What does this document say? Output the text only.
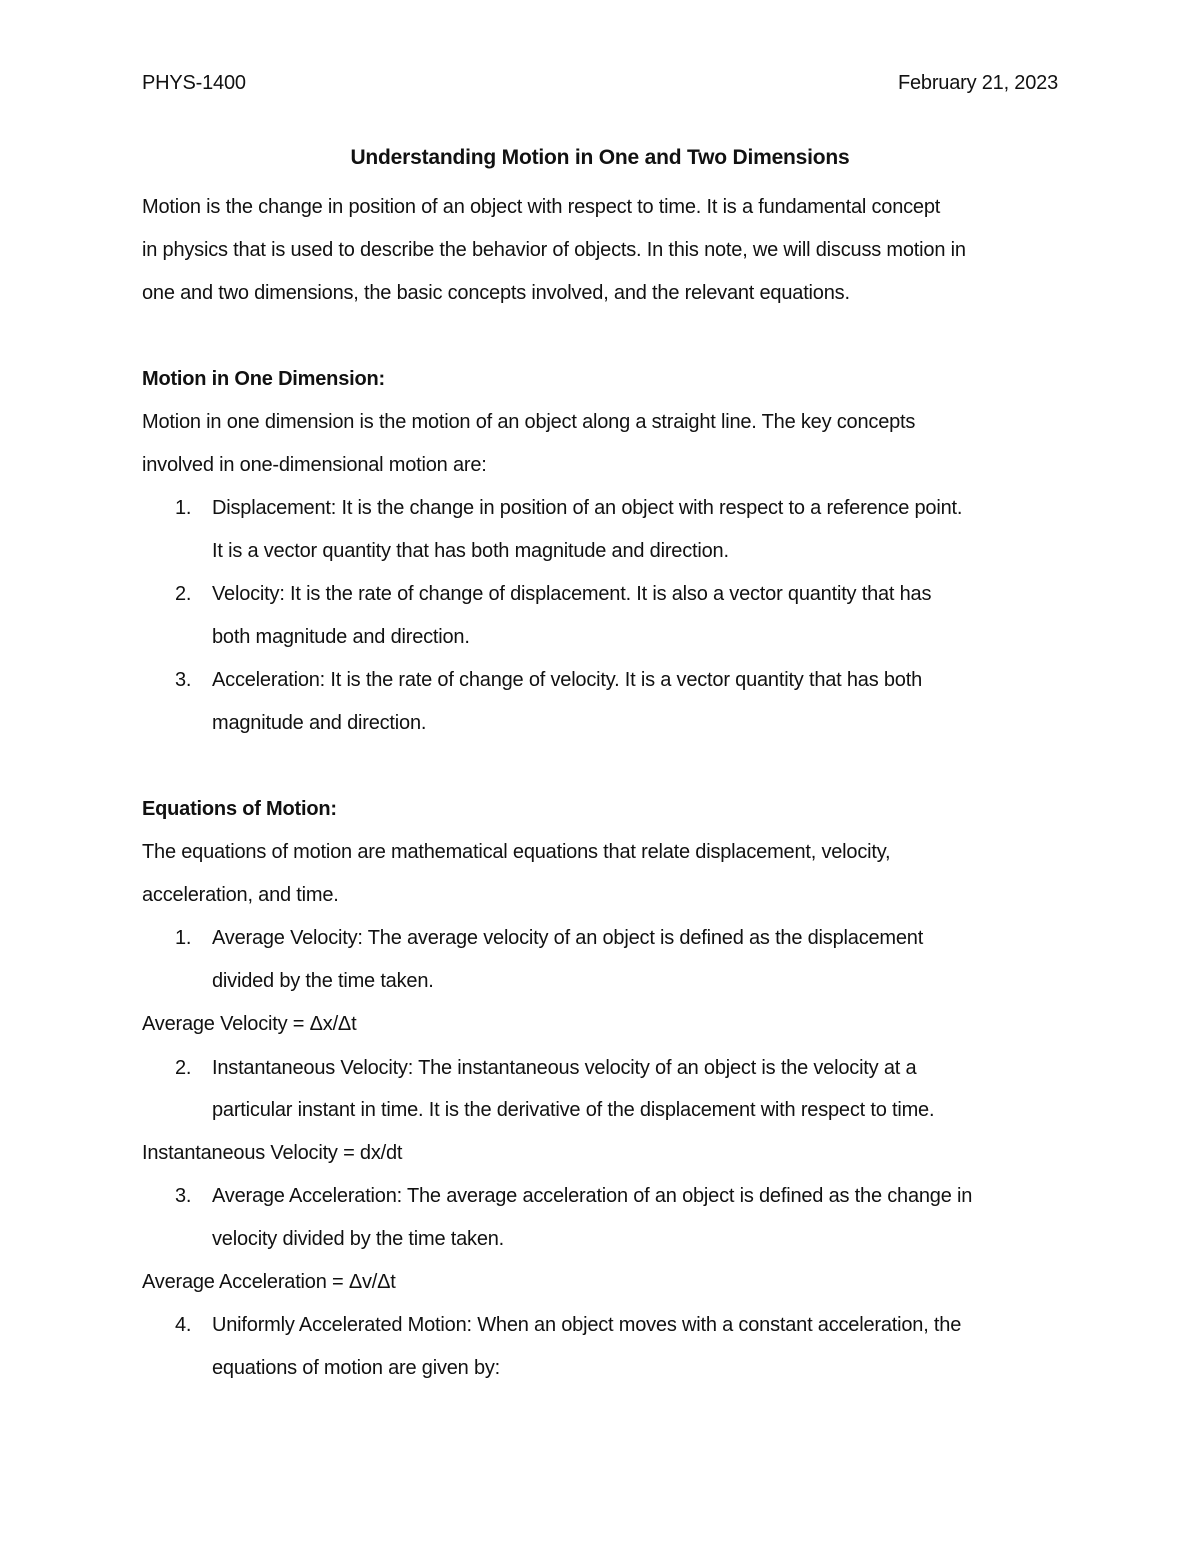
PHYS-1400	February 21, 2023
Understanding Motion in One and Two Dimensions
Motion is the change in position of an object with respect to time. It is a fundamental concept
in physics that is used to describe the behavior of objects. In this note, we will discuss motion in
one and two dimensions, the basic concepts involved, and the relevant equations.
Motion in One Dimension:
Motion in one dimension is the motion of an object along a straight line. The key concepts
involved in one-dimensional motion are:
1. Displacement: It is the change in position of an object with respect to a reference point.
It is a vector quantity that has both magnitude and direction.
2. Velocity: It is the rate of change of displacement. It is also a vector quantity that has
both magnitude and direction.
3. Acceleration: It is the rate of change of velocity. It is a vector quantity that has both
magnitude and direction.
Equations of Motion:
The equations of motion are mathematical equations that relate displacement, velocity,
acceleration, and time.
1. Average Velocity: The average velocity of an object is defined as the displacement
divided by the time taken.
Average Velocity = Δx/Δt
2. Instantaneous Velocity: The instantaneous velocity of an object is the velocity at a
particular instant in time. It is the derivative of the displacement with respect to time.
Instantaneous Velocity = dx/dt
3. Average Acceleration: The average acceleration of an object is defined as the change in
velocity divided by the time taken.
Average Acceleration = Δv/Δt
4. Uniformly Accelerated Motion: When an object moves with a constant acceleration, the
equations of motion are given by:
